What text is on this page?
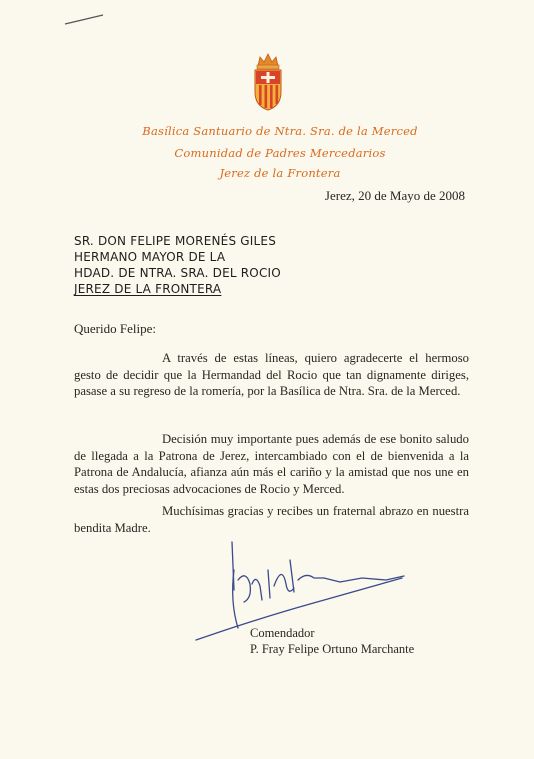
Basílica Santuario de Ntra. Sra. de la Merced
Comunidad de Padres Mercedarios
Jerez de la Frontera
Jerez, 20 de Mayo de 2008
SR. DON FELIPE MORENÉS GILES
HERMANO MAYOR DE LA
HDAD. DE NTRA. SRA. DEL ROCIO
JEREZ DE LA FRONTERA
Querido Felipe:

A través de estas líneas, quiero agradecerte el hermoso gesto de decidir que la Hermandad del Rocio que tan dignamente diriges, pasase a su regreso de la romería, por la Basílica de Ntra. Sra. de la Merced.

Decisión muy importante pues además de ese bonito saludo de llegada a la Patrona de Jerez, intercambiado con el de bienvenida a la Patrona de Andalucía, afianza aún más el cariño y la amistad que nos une en estas dos preciosas advocaciones de Rocio y Merced.

Muchísimas gracias y recibes un fraternal abrazo en nuestra bendita Madre.

Comendador
P. Fray Felipe Ortuno Marchante
